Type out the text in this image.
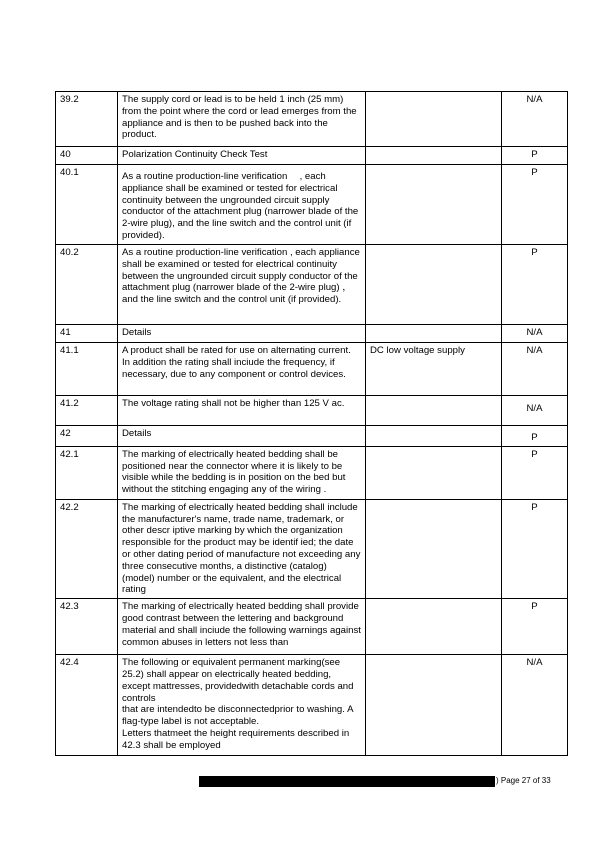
39.2	The supply cord or lead is to be held 1 inch (25 mm) from the point where the cord or lead emerges from the appliance and is then to be pushed back into the product.		N/A
40	Polarization Continuity Check Test		P
40.1	As a routine production-line verification 　, each appliance shall be examined or tested for electrical continuity between the ungrounded circuit supply conductor of the attachment plug (narrower blade of the 2-wire plug), and the line switch and the control unit (if provided).		P
40.2	As a routine production-line verification , each appliance shall be examined or tested for electrical continuity between the ungrounded circuit supply conductor of the attachment plug (narrower blade of the 2-wire plug) ， and the line switch and the control unit (if provided).		P
41	Details		N/A
41.1	A product shall be rated for use on alternating current. In addition the rating shall inciude the frequency, if necessary, due to any component or control devices.	DC low voltage supply	N/A
41.2	The voltage rating shall not be higher than 125 V ac.		N/A
42	Details		P
42.1	The marking of electrically heated bedding shall be positioned near the connector where it is likely to be visible while the bedding is in position on the bed but without the stitching engaging any of the wiring .		P
42.2	The marking of electrically heated bedding shall include the manufacturer's name, trade name, trademark, or other descr iptive marking by which the organization responsible for the product may be identif ied; the date or other dating period of manufacture not exceeding any three consecutive months, a distinctive (catalog) (model) number or the equivalent, and the electrical rating		P
42.3	The marking of electrically heated bedding shall provide good contrast between the lettering and background material and shall inciude the following warnings against common abuses in letters not less than		P
42.4	The following or equivalent permanent marking(see 25.2) shall appear on electrically heated bedding, except mattresses, providedwith detachable cords and controls
that are intendedto be disconnectedprior to washing. A flag-type label is not acceptable.
Letters thatmeet the height requirements described in 42.3 shall be employed		N/A
) Page 27 of 33
